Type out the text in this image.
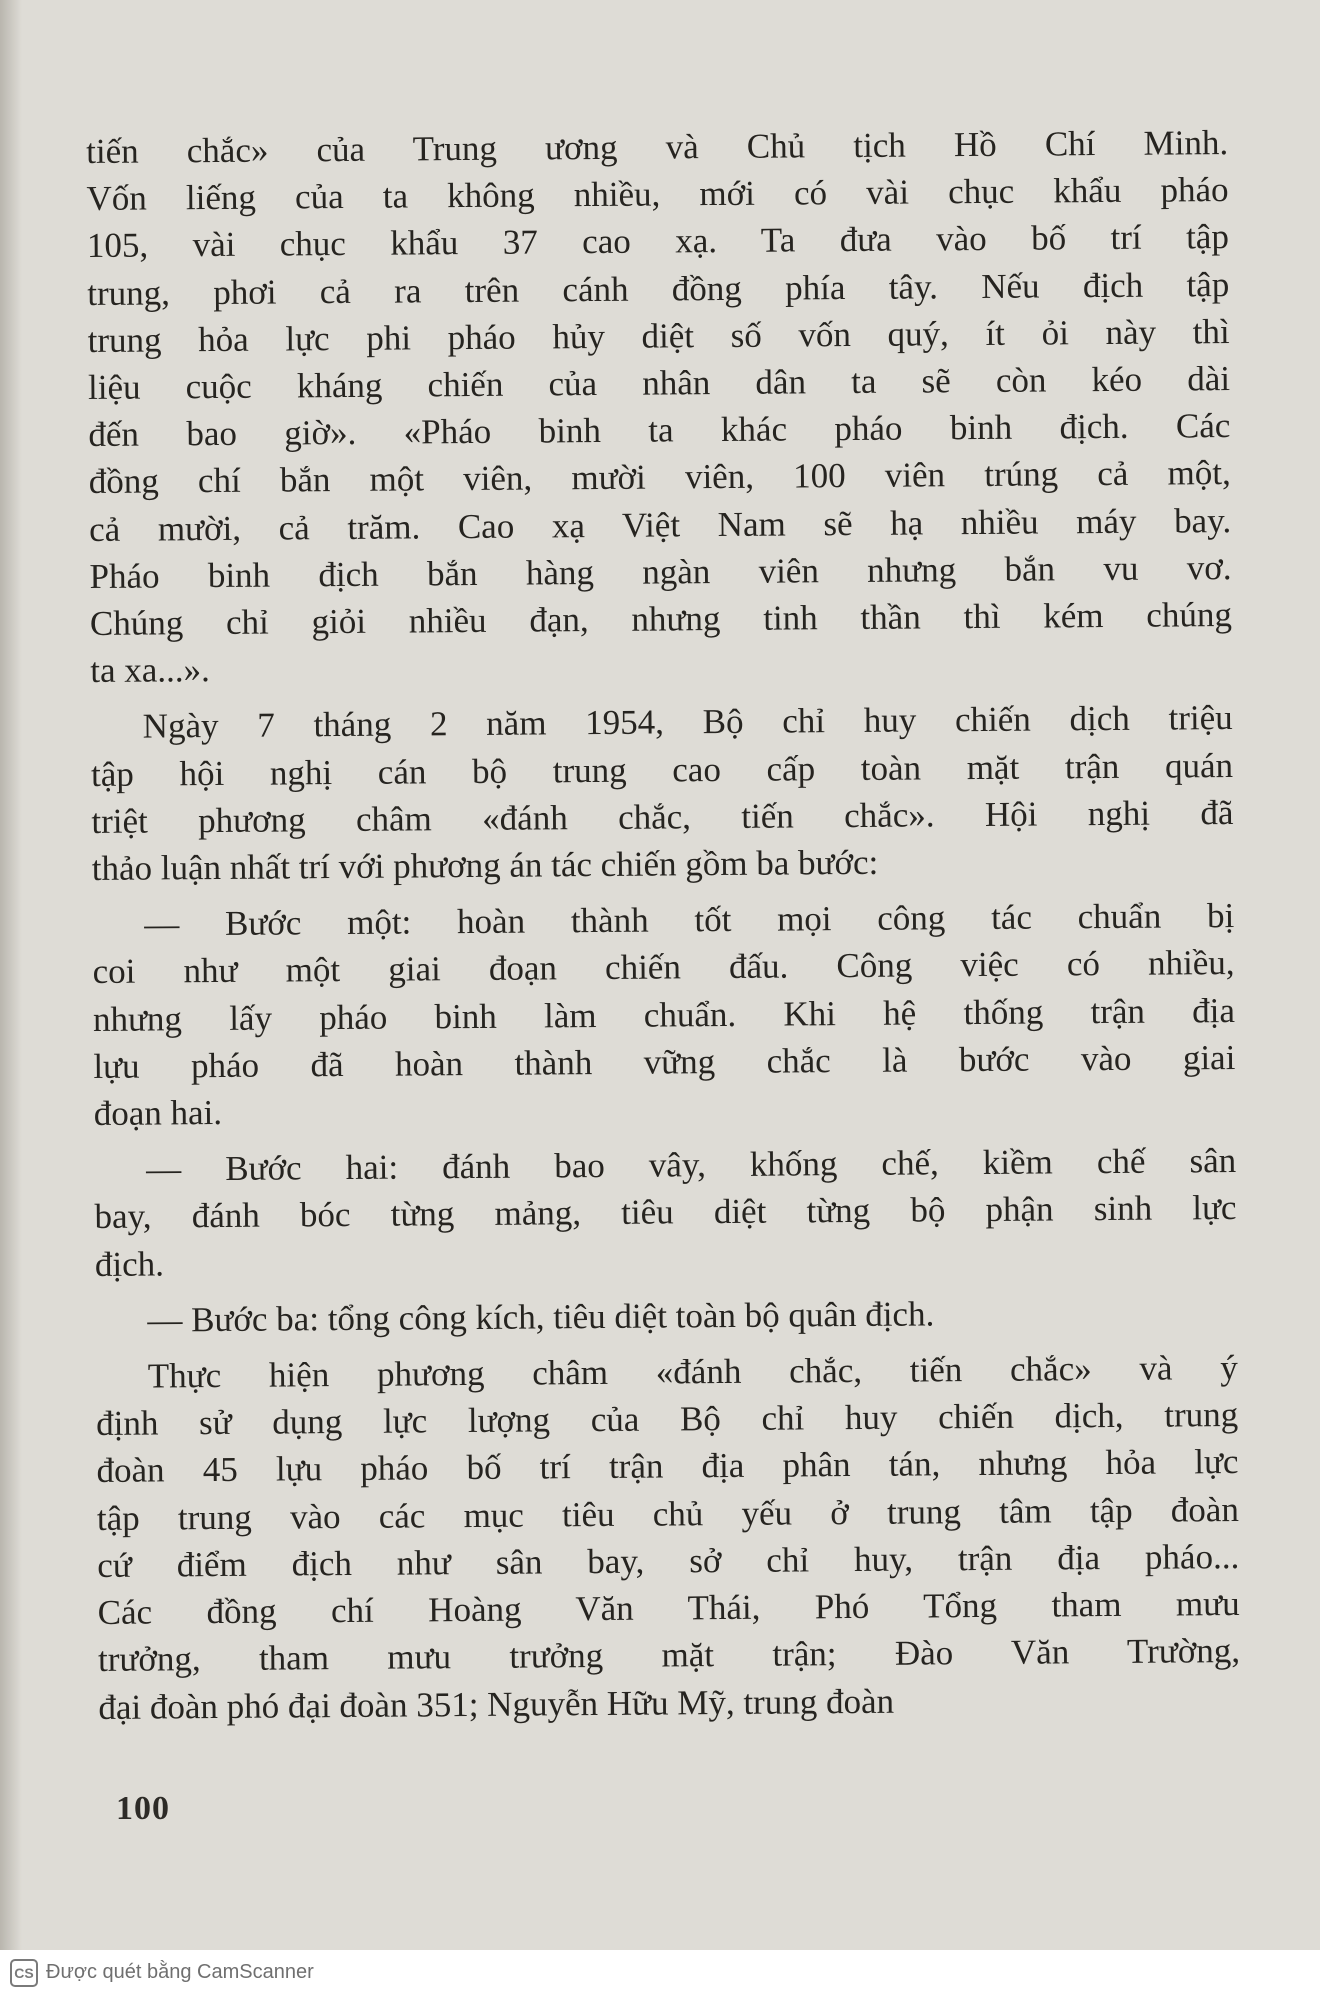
tiến chắc» của Trung ương và Chủ tịch Hồ Chí Minh.
Vốn liếng của ta không nhiều, mới có vài chục khẩu pháo
105, vài chục khẩu 37 cao xạ. Ta đưa vào bố trí tập
trung, phơi cả ra trên cánh đồng phía tây. Nếu địch tập
trung hỏa lực phi pháo hủy diệt số vốn quý, ít ỏi này thì
liệu cuộc kháng chiến của nhân dân ta sẽ còn kéo dài
đến bao giờ». «Pháo binh ta khác pháo binh địch. Các
đồng chí bắn một viên, mười viên, 100 viên trúng cả một,
cả mười, cả trăm. Cao xạ Việt Nam sẽ hạ nhiều máy bay.
Pháo binh địch bắn hàng ngàn viên nhưng bắn vu vơ.
Chúng chỉ giỏi nhiều đạn, nhưng tinh thần thì kém chúng
ta xa...».
Ngày 7 tháng 2 năm 1954, Bộ chỉ huy chiến dịch triệu
tập hội nghị cán bộ trung cao cấp toàn mặt trận quán
triệt phương châm «đánh chắc, tiến chắc». Hội nghị đã
thảo luận nhất trí với phương án tác chiến gồm ba bước:
— Bước một: hoàn thành tốt mọi công tác chuẩn bị
coi như một giai đoạn chiến đấu. Công việc có nhiều,
nhưng lấy pháo binh làm chuẩn. Khi hệ thống trận địa
lựu pháo đã hoàn thành vững chắc là bước vào giai
đoạn hai.
— Bước hai: đánh bao vây, khống chế, kiềm chế sân
bay, đánh bóc từng mảng, tiêu diệt từng bộ phận sinh lực
địch.
— Bước ba: tổng công kích, tiêu diệt toàn bộ quân địch.
Thực hiện phương châm «đánh chắc, tiến chắc» và ý
định sử dụng lực lượng của Bộ chỉ huy chiến dịch, trung
đoàn 45 lựu pháo bố trí trận địa phân tán, nhưng hỏa lực
tập trung vào các mục tiêu chủ yếu ở trung tâm tập đoàn
cứ điểm địch như sân bay, sở chỉ huy, trận địa pháo...
Các đồng chí Hoàng Văn Thái, Phó Tổng tham mưu
trưởng, tham mưu trưởng mặt trận; Đào Văn Trường,
đại đoàn phó đại đoàn 351; Nguyễn Hữu Mỹ, trung đoàn
100
CS Được quét bằng CamScanner
